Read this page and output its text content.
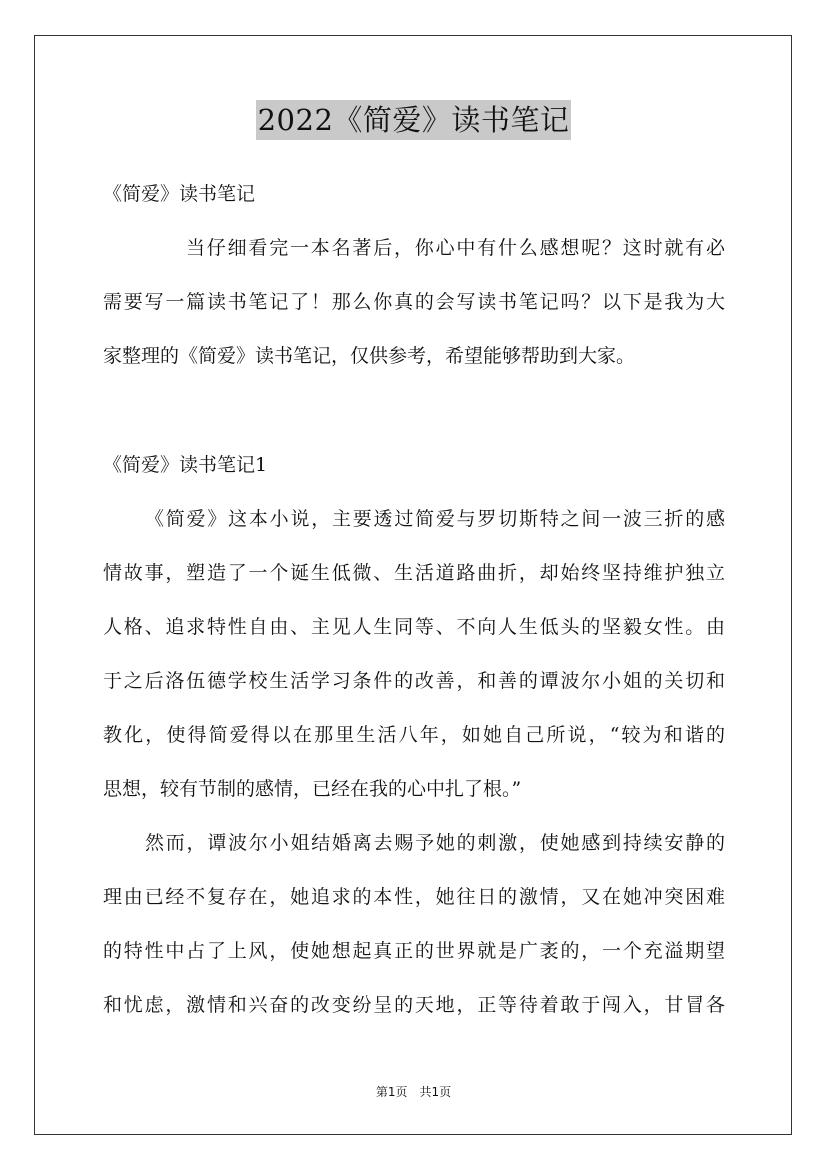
2022《简爱》读书笔记
《简爱》读书笔记
当仔细看完一本名著后，你心中有什么感想呢？这时就有必
需要写一篇读书笔记了！那么你真的会写读书笔记吗？以下是我为大
家整理的《简爱》读书笔记，仅供参考，希望能够帮助到大家。
《简爱》读书笔记1
《简爱》这本小说，主要透过简爱与罗切斯特之间一波三折的感
情故事，塑造了一个诞生低微、生活道路曲折，却始终坚持维护独立
人格、追求特性自由、主见人生同等、不向人生低头的坚毅女性。由
于之后洛伍德学校生活学习条件的改善，和善的谭波尔小姐的关切和
教化，使得简爱得以在那里生活八年，如她自己所说，“较为和谐的
思想，较有节制的感情，已经在我的心中扎了根。”
然而，谭波尔小姐结婚离去赐予她的刺激，使她感到持续安静的
理由已经不复存在，她追求的本性，她往日的激情，又在她冲突困难
的特性中占了上风，使她想起真正的世界就是广袤的，一个充溢期望
和忧虑，激情和兴奋的改变纷呈的天地，正等待着敢于闯入，甘冒各
第1页　共1页
